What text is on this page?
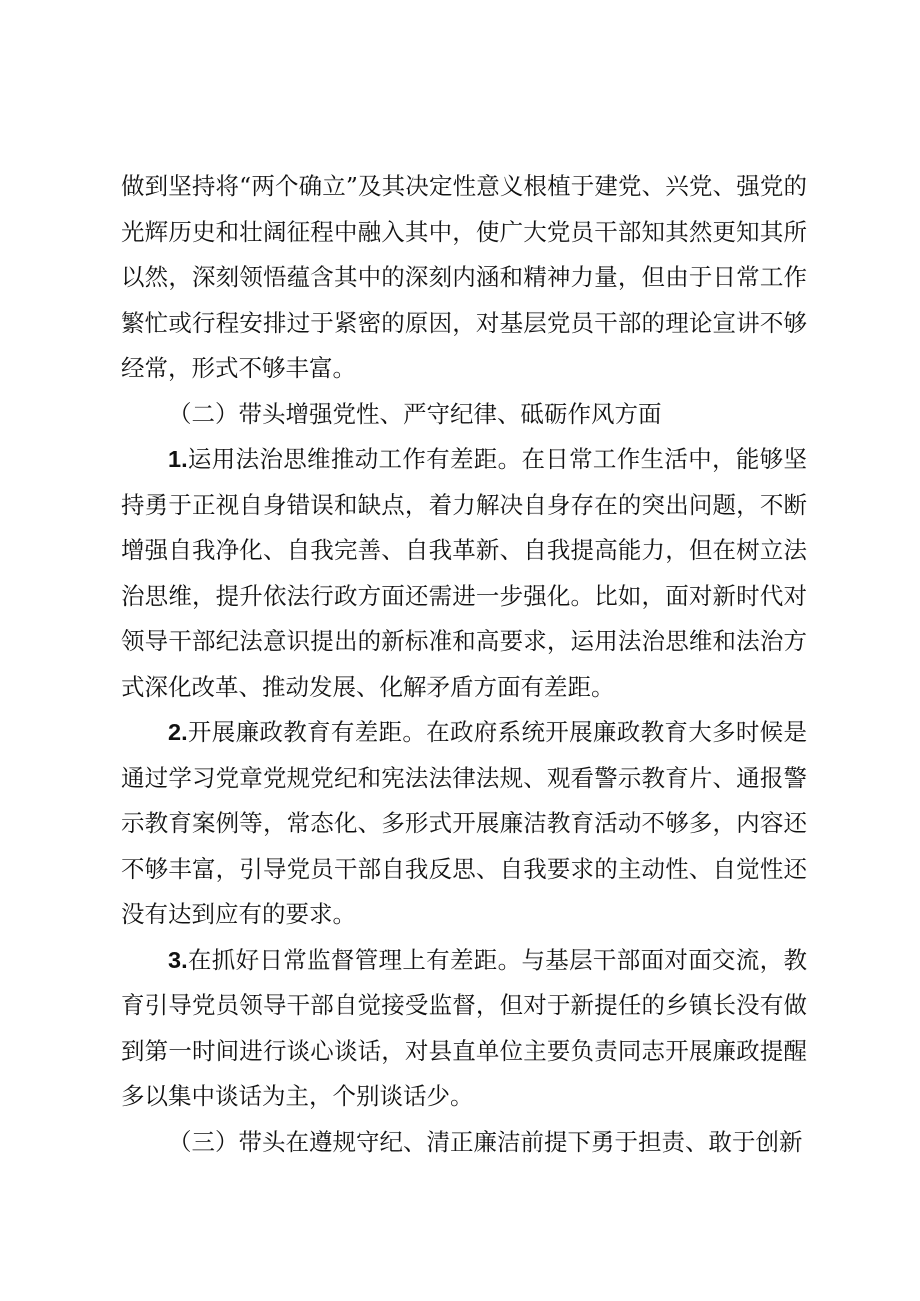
做到坚持将“两个确立”及其决定性意义根植于建党、兴党、强党的光辉历史和壮阔征程中融入其中，使广大党员干部知其然更知其所以然，深刻领悟蕴含其中的深刻内涵和精神力量，但由于日常工作繁忙或行程安排过于紧密的原因，对基层党员干部的理论宣讲不够经常，形式不够丰富。

（二）带头增强党性、严守纪律、砥砺作风方面

1.运用法治思维推动工作有差距。在日常工作生活中，能够坚持勇于正视自身错误和缺点，着力解决自身存在的突出问题，不断增强自我净化、自我完善、自我革新、自我提高能力，但在树立法治思维，提升依法行政方面还需进一步强化。比如，面对新时代对领导干部纪法意识提出的新标准和高要求，运用法治思维和法治方式深化改革、推动发展、化解矛盾方面有差距。

2.开展廉政教育有差距。在政府系统开展廉政教育大多时候是通过学习党章党规党纪和宪法法律法规、观看警示教育片、通报警示教育案例等，常态化、多形式开展廉洁教育活动不够多，内容还不够丰富，引导党员干部自我反思、自我要求的主动性、自觉性还没有达到应有的要求。

3.在抓好日常监督管理上有差距。与基层干部面对面交流，教育引导党员领导干部自觉接受监督，但对于新提任的乡镇长没有做到第一时间进行谈心谈话，对县直单位主要负责同志开展廉政提醒多以集中谈话为主，个别谈话少。

（三）带头在遵规守纪、清正廉洁前提下勇于担责、敢于创新
